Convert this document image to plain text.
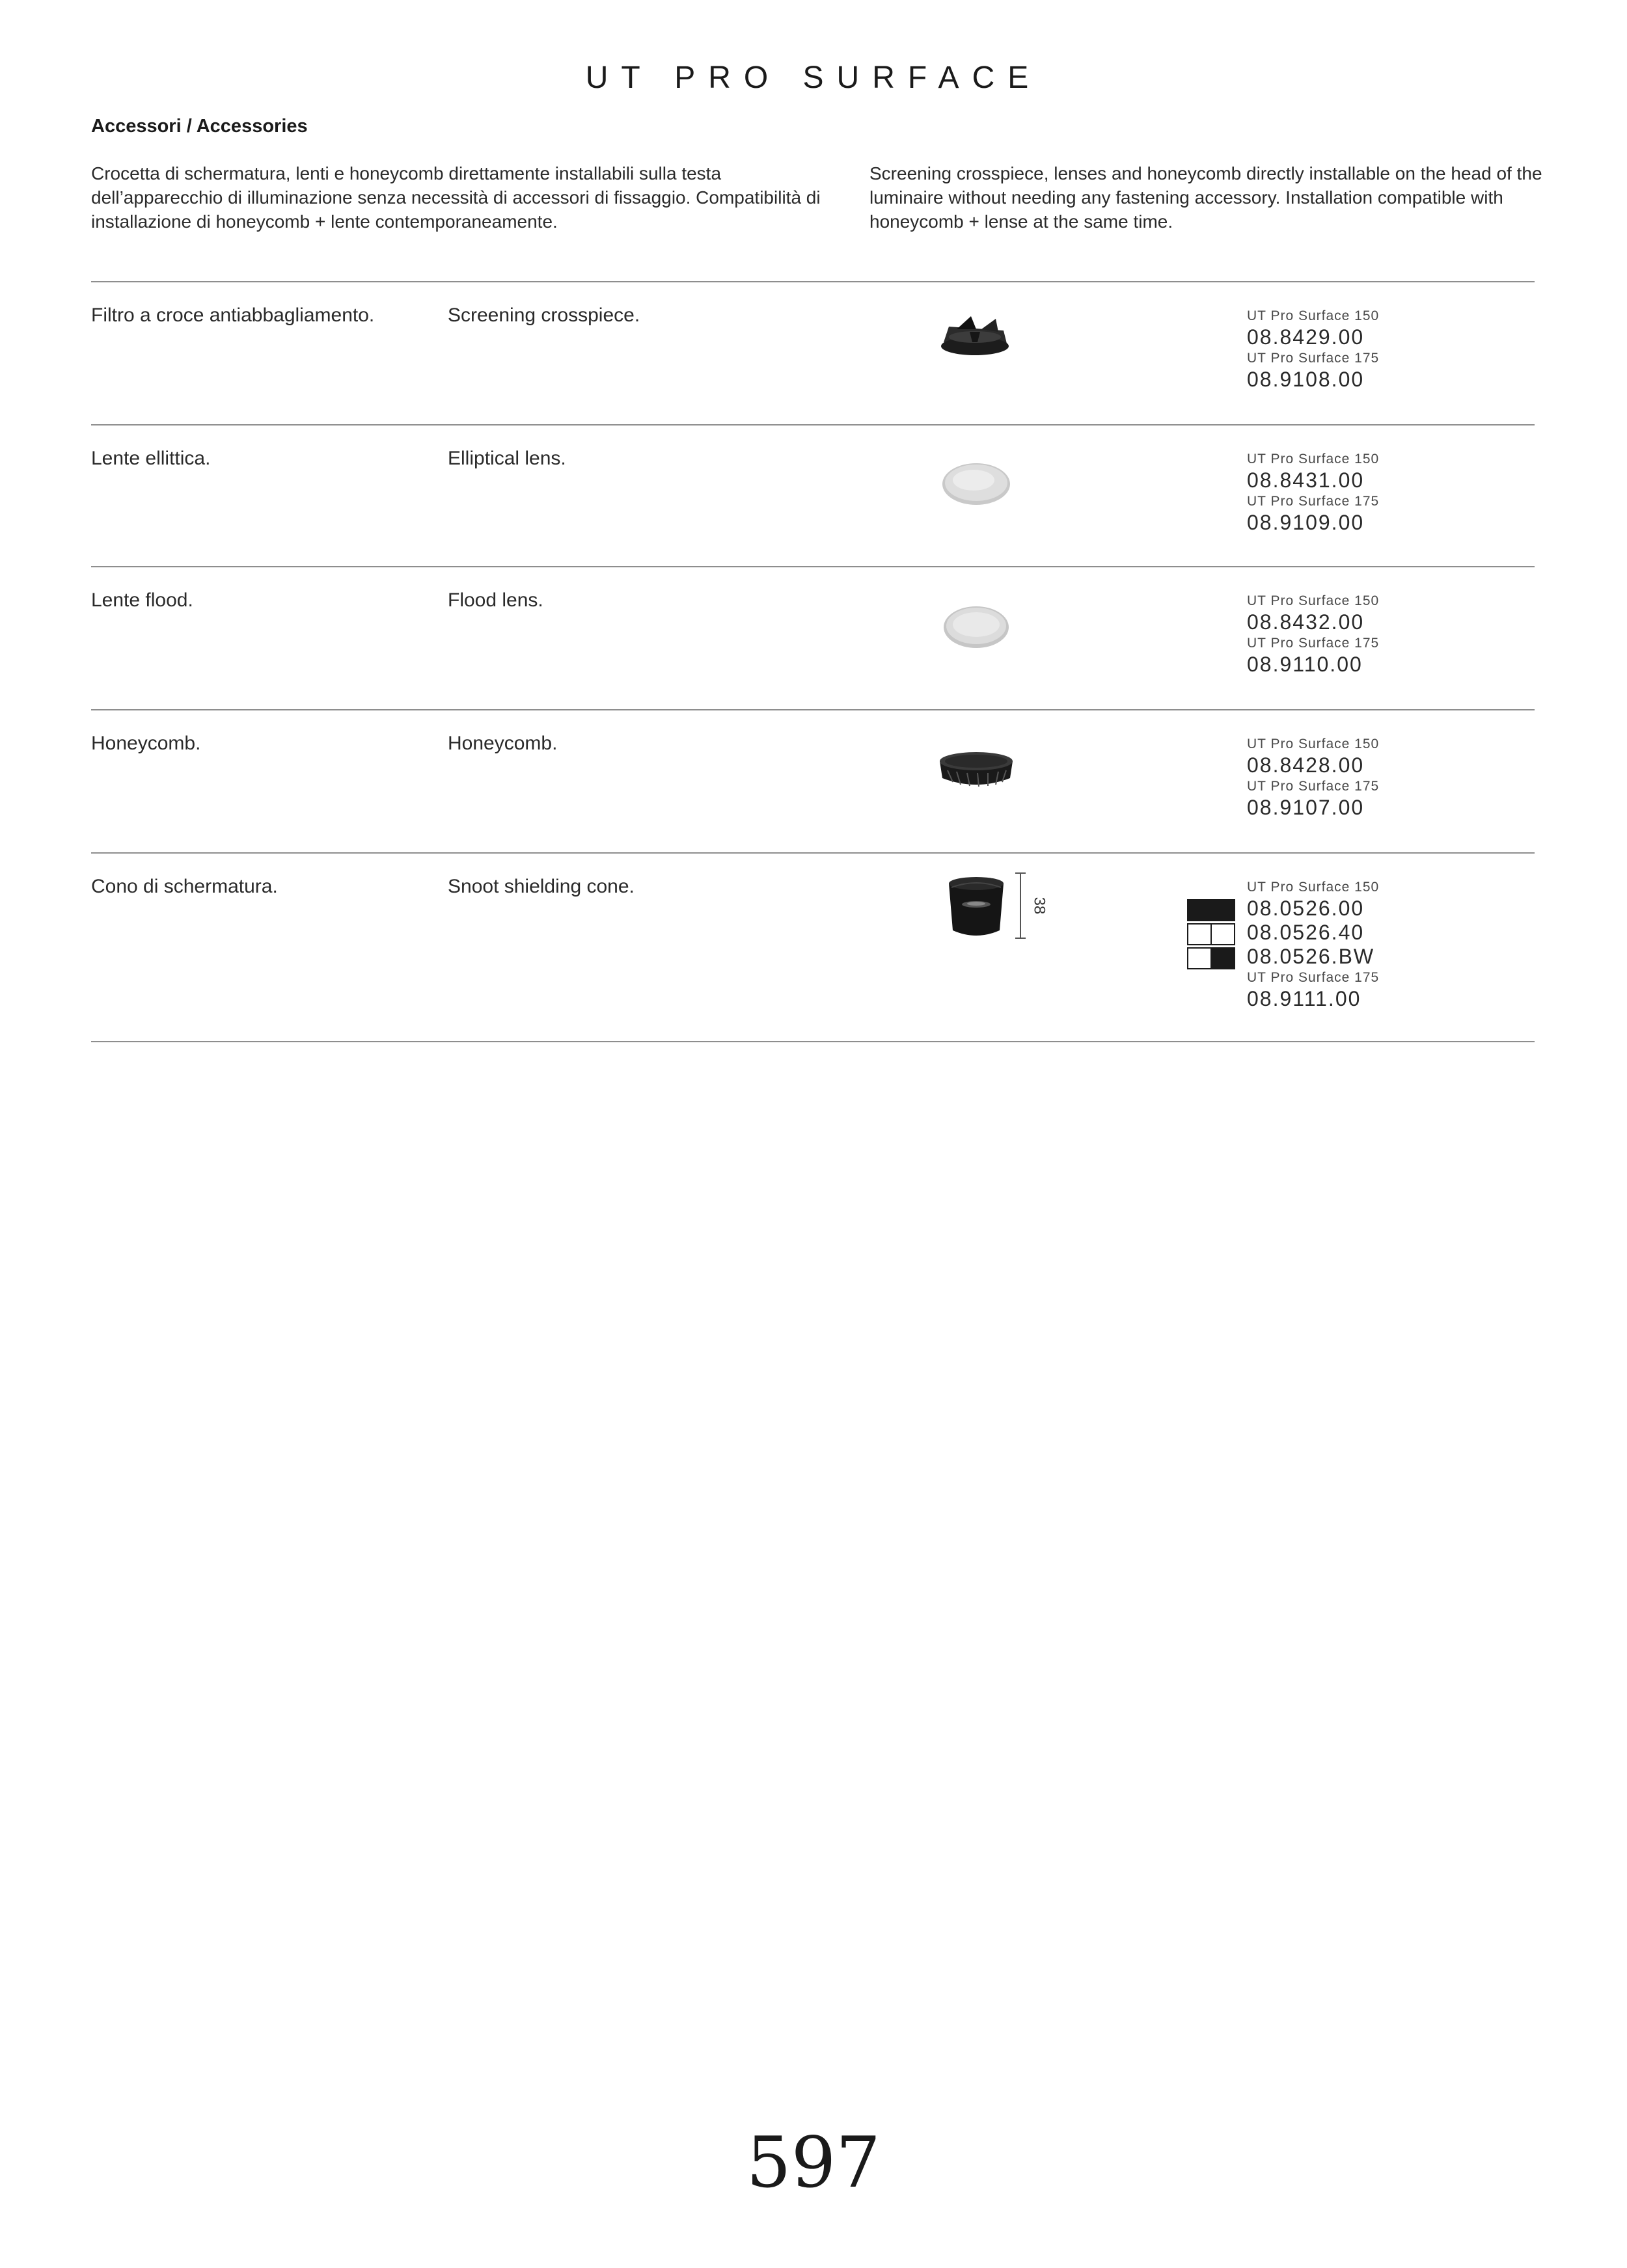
UT PRO SURFACE
Accessori / Accessories
Crocetta di schermatura, lenti e honeycomb direttamente installabili sulla testa dell’apparecchio di illuminazione senza necessità di accessori di fissaggio. Compatibilità di installazione di honeycomb + lente contemporaneamente.
Screening crosspiece, lenses and honeycomb directly installable on the head of the luminaire without needing any fastening accessory. Installation compatible with honeycomb + lense at the same time.
Filtro a croce antiabbagliamento.	Screening crosspiece.	UT Pro Surface 150
08.8429.00
UT Pro Surface 175
08.9108.00
Lente ellittica.	Elliptical lens.	UT Pro Surface 150
08.8431.00
UT Pro Surface 175
08.9109.00
Lente flood.	Flood lens.	UT Pro Surface 150
08.8432.00
UT Pro Surface 175
08.9110.00
Honeycomb.	Honeycomb.	UT Pro Surface 150
08.8428.00
UT Pro Surface 175
08.9107.00
Cono di schermatura.	Snoot shielding cone.	UT Pro Surface 150
08.0526.00
08.0526.40
08.0526.BW
UT Pro Surface 175
08.9111.00
38
597
